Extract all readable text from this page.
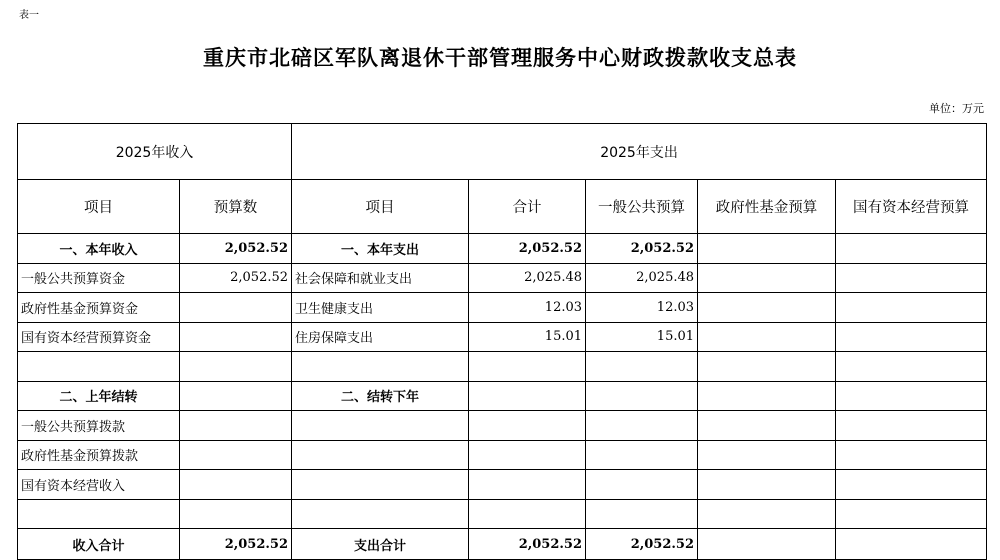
表一
重庆市北碚区军队离退休干部管理服务中心财政拨款收支总表
单位：万元
2025年收入		2025年支出				
项目	预算数	项目	合计	一般公共预算	政府性基金预算	国有资本经营预算
一、本年收入	2,052.52	一、本年支出	2,052.52	2,052.52		
一般公共预算资金	2,052.52	社会保障和就业支出	2,025.48	2,025.48		
政府性基金预算资金		卫生健康支出	12.03	12.03		
国有资本经营预算资金		住房保障支出	15.01	15.01		

二、上年结转		二、结转下年				
一般公共预算拨款						
政府性基金预算拨款						
国有资本经营收入						

收入合计	2,052.52	支出合计	2,052.52	2,052.52		
